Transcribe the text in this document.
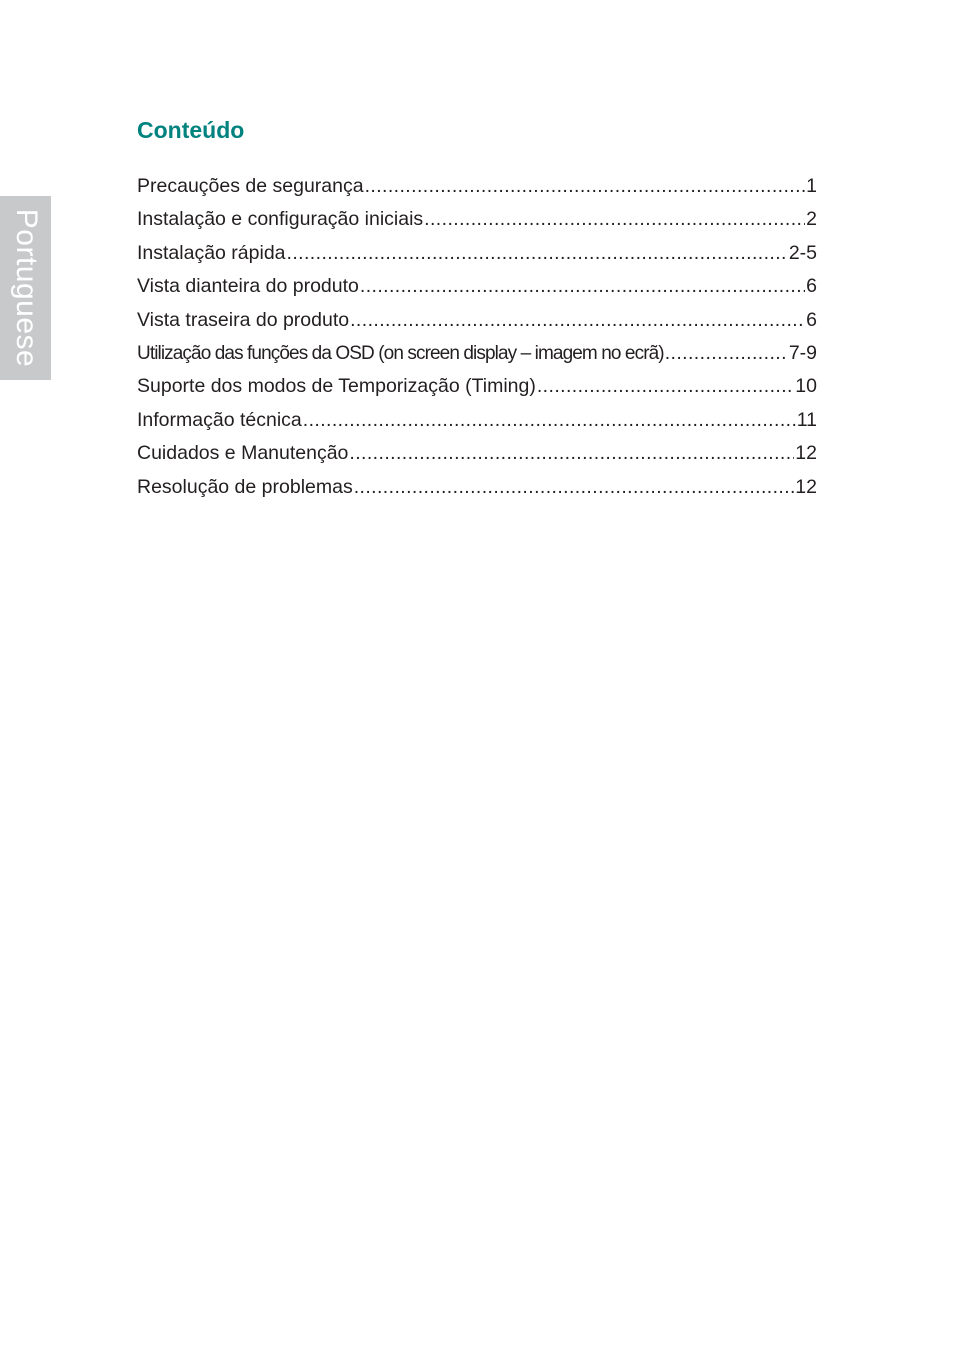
Portuguese
Conteúdo
Precauções de segurança .....	1
Instalação e configuração iniciais .....	2
Instalação rápida .....	2-5
Vista dianteira do produto .....	6
Vista traseira do produto .....	6
Utilização das funções da OSD (on screen display – imagem no ecrã) .....	7-9
Suporte dos modos de Temporização (Timing) .....	10
Informação técnica .....	11
Cuidados e Manutenção .....	12
Resolução de problemas .....	12
